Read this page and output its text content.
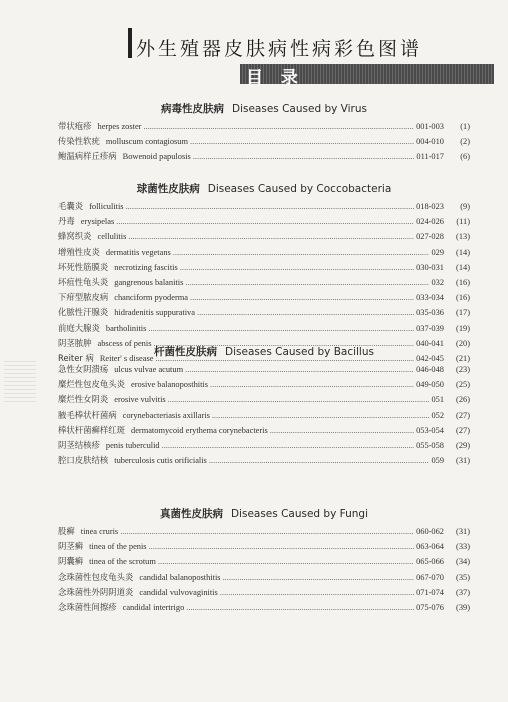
外生殖器皮肤病性病彩色图谱
目 录
病毒性皮肤病 Diseases Caused by Virus
带状疱疹 herpes zoster .....	001-003	(1)
传染性软疣 molluscum contagiosum .....	004-010	(2)
鲍温病样丘疹病 Bowenoid papulosis .....	011-017	(6)
球菌性皮肤病 Diseases Caused by Coccobacteria
毛囊炎 folliculitis .....	018-023	(9)
丹毒 erysipelas .....	024-026	(11)
蜂窝织炎 cellulitis .....	027-028	(13)
增殖性皮炎 dermatitis vegetans .....	029	(14)
坏死性筋膜炎 necrotizing fascitis .....	030-031	(14)
坏疽性龟头炎 gangrenous balanitis .....	032	(16)
下疳型脓皮病 chanciform pyoderma .....	033-034	(16)
化脓性汗腺炎 hidradenitis suppurativa .....	035-036	(17)
前庭大腺炎 bartholinitis .....	037-039	(19)
阴茎脓肿 abscess of penis .....	040-041	(20)
Reiter 病 Reiter' s disease .....	042-045	(21)
杆菌性皮肤病 Diseases Caused by Bacillus
急性女阴溃疡 ulcus vulvae acutum .....	046-048	(23)
糜烂性包皮龟头炎 erosive balanoposthitis .....	049-050	(25)
糜烂性女阴炎 erosive vulvitis .....	051	(26)
腋毛棒状杆菌病 corynebacteriasis axillaris .....	052	(27)
棒状杆菌癣样红斑 dermatomycoid erythema corynebacteris .....	053-054	(27)
阴茎结核疹 penis tuberculid .....	055-058	(29)
腔口皮肤结核 tuberculosis cutis orificialis .....	059	(31)
真菌性皮肤病 Diseases Caused by Fungi
股癣 tinea cruris .....	060-062	(31)
阴茎癣 tinea of the penis .....	063-064	(33)
阴囊癣 tinea of the scrotum .....	065-066	(34)
念珠菌性包皮龟头炎 candidal balanoposthitis .....	067-070	(35)
念珠菌性外阴阴道炎 candidal vulvovaginitis .....	071-074	(37)
念珠菌性间擦疹 candidal intertrigo .....	075-076	(39)
